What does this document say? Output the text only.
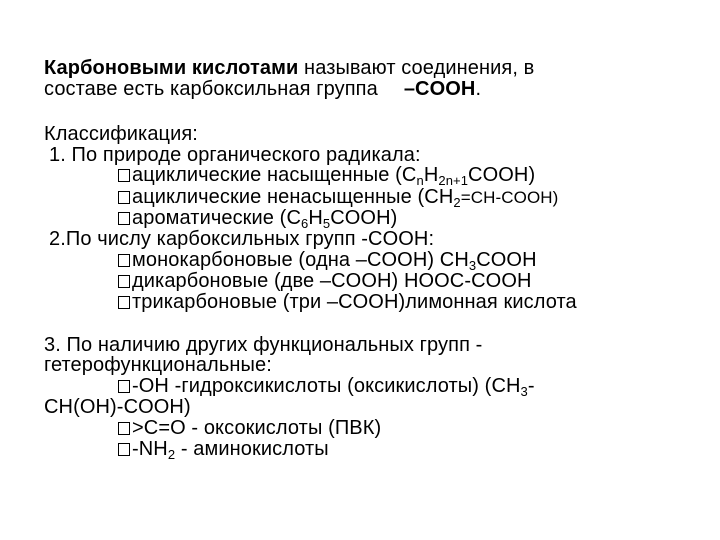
Карбоновыми кислотами называют соединения, в
составе есть карбоксильная группа –COOH.
Классификация:
1. По природе органического радикала:
ациклические насыщенные $(C_nH_{2n+1}COOH)$
ациклические ненасыщенные $(CH_2=CH-COOH)$
ароматические $(C_6H_5COOH)$
2.По числу карбоксильных групп -COOH:
монокарбоновые (одна –COOH) $CH_3COOH$
дикарбоновые (две –COOH) HOOC-COOH
трикарбоновые (три –COOH)лимонная кислота
3. По наличию других функциональных групп -
гетерофункциональные:
-OH -гидроксикислоты (оксикислоты) ($CH_3-$
CH(OH)-COOH)
>C=O - оксокислоты (ПВК)
$-NH_2$ - аминокислоты
